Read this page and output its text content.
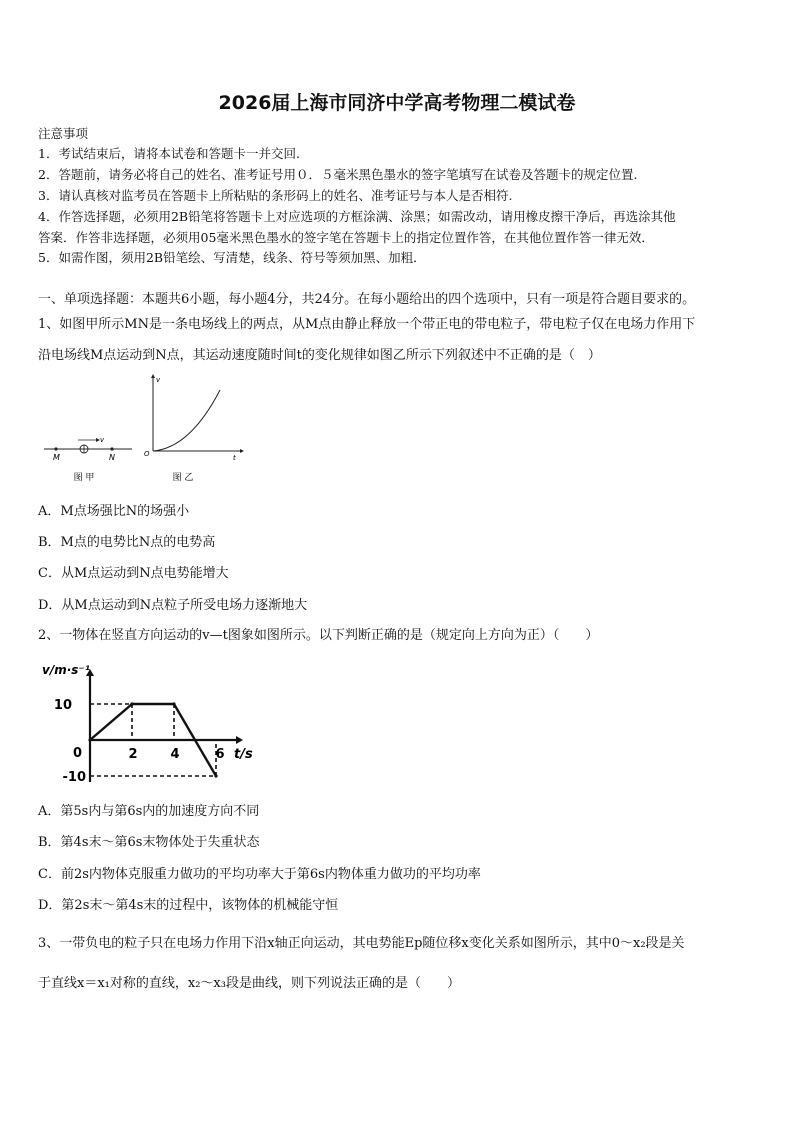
2026届上海市同济中学高考物理二模试卷
注意事项
1．考试结束后，请将本试卷和答题卡一并交回.
2．答题前，请务必将自己的姓名、准考证号用０．５毫米黑色墨水的签字笔填写在试卷及答题卡的规定位置.
3．请认真核对监考员在答题卡上所粘贴的条形码上的姓名、准考证号与本人是否相符.
4．作答选择题，必须用2B铅笔将答题卡上对应选项的方框涂满、涂黑；如需改动，请用橡皮擦干净后，再选涂其他
答案．作答非选择题，必须用05毫米黑色墨水的签字笔在答题卡上的指定位置作答，在其他位置作答一律无效．
5．如需作图，须用2B铅笔绘、写清楚，线条、符号等须加黑、加粗．
一、单项选择题：本题共6小题，每小题4分，共24分。在每小题给出的四个选项中，只有一项是符合题目要求的。
1、如图甲所示MN是一条电场线上的两点，从M点由静止释放一个带正电的带电粒子，带电粒子仅在电场力作用下
沿电场线M点运动到N点，其运动速度随时间t的变化规律如图乙所示下列叙述中不正确的是（　）
v
M	N
图 甲
v
t
O
图 乙
A．M点场强比N的场强小
B．M点的电势比N点的电势高
C．从M点运动到N点电势能增大
D．从M点运动到N点粒子所受电场力逐渐地大
2、一物体在竖直方向运动的v—t图象如图所示。以下判断正确的是（规定向上方向为正）（　　）
v/m·s⁻¹
t/s
10
0
-10
2	4	6
A．第5s内与第6s内的加速度方向不同
B．第4s末～第6s末物体处于失重状态
C．前2s内物体克服重力做功的平均功率大于第6s内物体重力做功的平均功率
D．第2s末～第4s末的过程中，该物体的机械能守恒
3、一带负电的粒子只在电场力作用下沿x轴正向运动，其电势能Ep随位移x变化关系如图所示，其中0～x₂段是关
于直线x＝x₁对称的直线，x₂～x₃段是曲线，则下列说法正确的是（　　）
